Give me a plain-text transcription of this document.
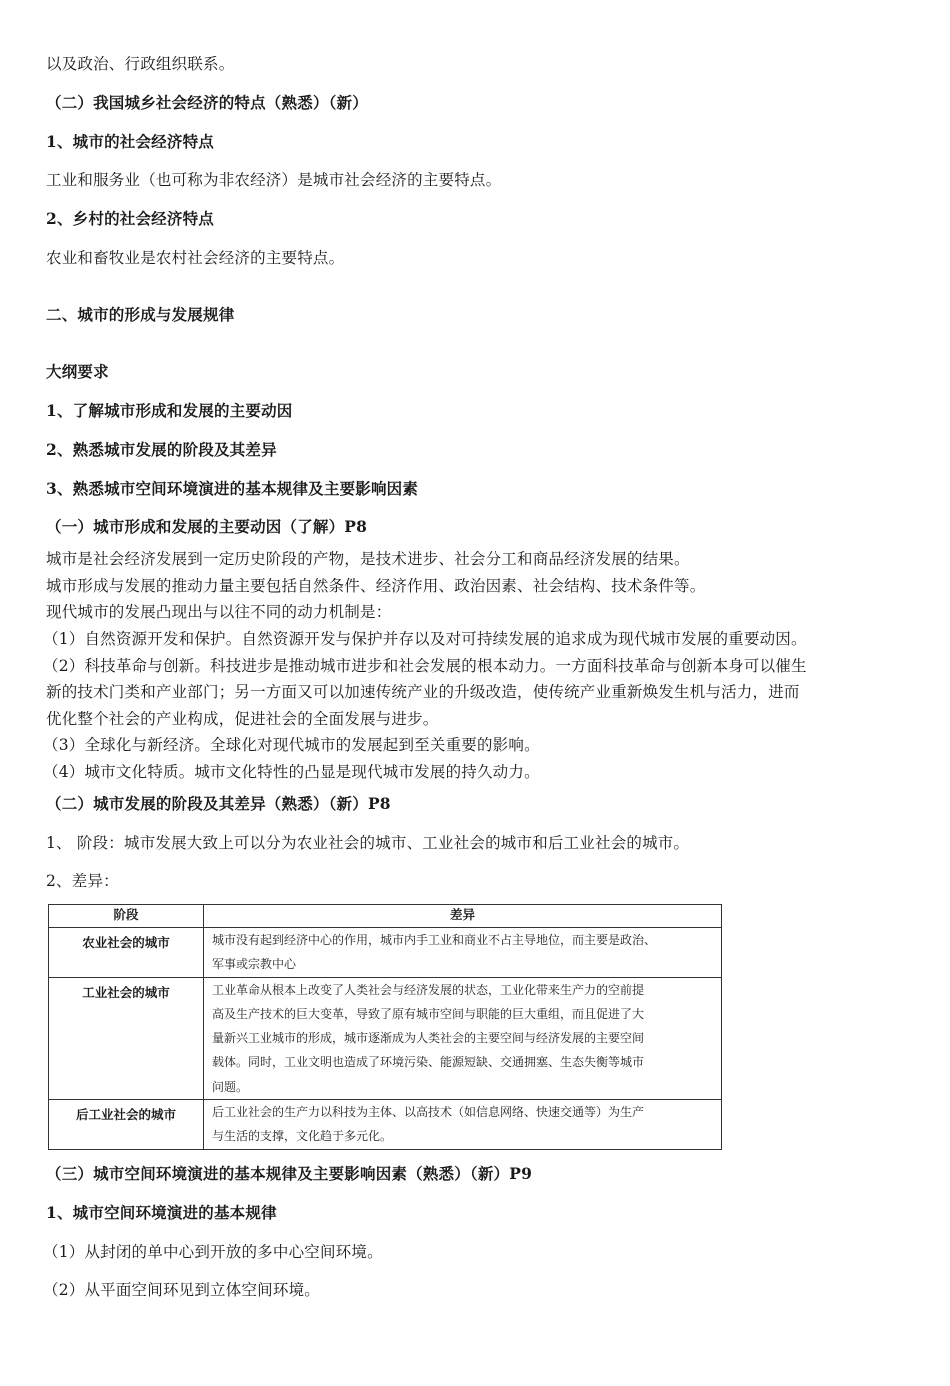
以及政治、行政组织联系。
（二）我国城乡社会经济的特点（熟悉）（新）
1、城市的社会经济特点
工业和服务业（也可称为非农经济）是城市社会经济的主要特点。
2、乡村的社会经济特点
农业和畜牧业是农村社会经济的主要特点。
二、城市的形成与发展规律
大纲要求
1、了解城市形成和发展的主要动因
2、熟悉城市发展的阶段及其差异
3、熟悉城市空间环境演进的基本规律及主要影响因素
（一）城市形成和发展的主要动因（了解）P8
城市是社会经济发展到一定历史阶段的产物，是技术进步、社会分工和商品经济发展的结果。
城市形成与发展的推动力量主要包括自然条件、经济作用、政治因素、社会结构、技术条件等。
现代城市的发展凸现出与以往不同的动力机制是：
（1）自然资源开发和保护。自然资源开发与保护并存以及对可持续发展的追求成为现代城市发展的重要动因。
（2）科技革命与创新。科技进步是推动城市进步和社会发展的根本动力。一方面科技革命与创新本身可以催生
新的技术门类和产业部门；另一方面又可以加速传统产业的升级改造，使传统产业重新焕发生机与活力，进而
优化整个社会的产业构成，促进社会的全面发展与进步。
（3）全球化与新经济。全球化对现代城市的发展起到至关重要的影响。
（4）城市文化特质。城市文化特性的凸显是现代城市发展的持久动力。
（二）城市发展的阶段及其差异（熟悉）（新）P8
1、 阶段：城市发展大致上可以分为农业社会的城市、工业社会的城市和后工业社会的城市。
2、差异：
阶段	差异
农业社会的城市	城市没有起到经济中心的作用，城市内手工业和商业不占主导地位，而主要是政治、
军事或宗教中心

工业社会的城市	工业革命从根本上改变了人类社会与经济发展的状态，工业化带来生产力的空前提
高及生产技术的巨大变革，导致了原有城市空间与职能的巨大重组，而且促进了大
量新兴工业城市的形成，城市逐渐成为人类社会的主要空间与经济发展的主要空间
载体。同时，工业文明也造成了环境污染、能源短缺、交通拥塞、生态失衡等城市
问题。

后工业社会的城市	后工业社会的生产力以科技为主体、以高技术（如信息网络、快速交通等）为生产
与生活的支撑，文化趋于多元化。
（三）城市空间环境演进的基本规律及主要影响因素（熟悉）（新）P9
1、城市空间环境演进的基本规律
（1）从封闭的单中心到开放的多中心空间环境。
（2）从平面空间环见到立体空间环境。
